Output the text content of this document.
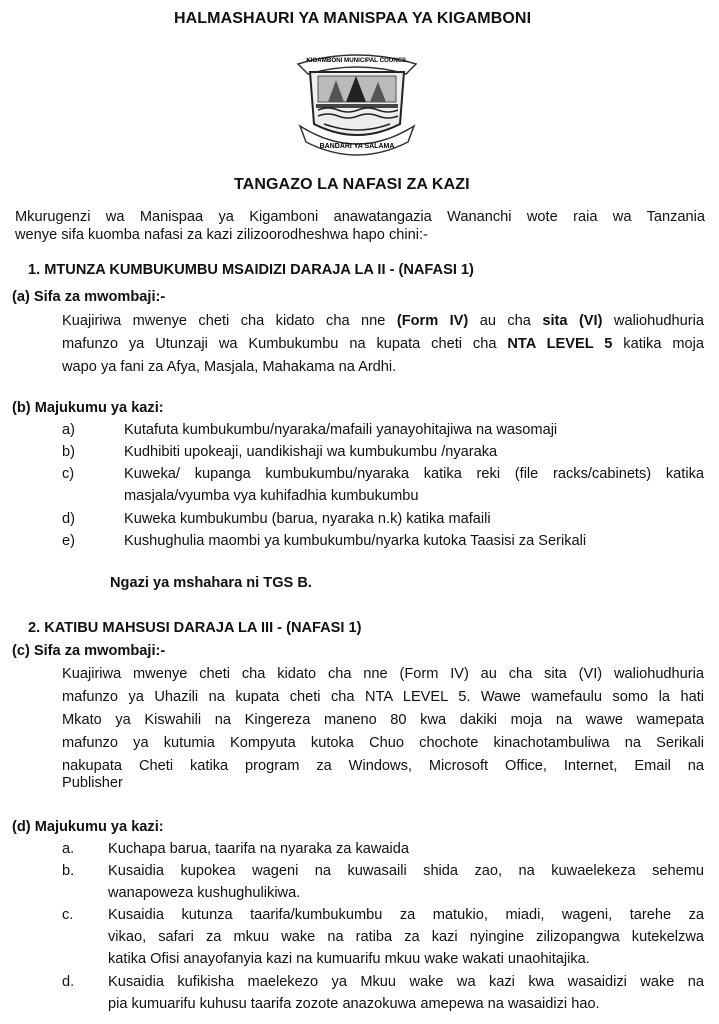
HALMASHAURI YA MANISPAA YA KIGAMBONI
KIGAMBONI MUNICIPAL COUNCIL
BANDARI YA SALAMA
TANGAZO LA NAFASI ZA KAZI
Mkurugenzi wa Manispaa ya Kigamboni anawatangazia Wananchi wote raia wa Tanzania
wenye sifa kuomba nafasi za kazi zilizoorodheshwa hapo chini:-
1. MTUNZA KUMBUKUMBU MSAIDIZI DARAJA LA II - (NAFASI 1)
(a) Sifa za mwombaji:-
Kuajiriwa mwenye cheti cha kidato cha nne (Form IV) au cha sita (VI) waliohudhuria
mafunzo ya Utunzaji wa Kumbukumbu na kupata cheti cha NTA LEVEL 5 katika moja
wapo ya fani za Afya, Masjala, Mahakama na Ardhi.
(b) Majukumu ya kazi:
a)	Kutafuta kumbukumbu/nyaraka/mafaili yanayohitajiwa na wasomaji
b)	Kudhibiti upokeaji, uandikishaji wa kumbukumbu /nyaraka
c)	Kuweka/ kupanga kumbukumbu/nyaraka katika reki (file racks/cabinets) katika
masjala/vyumba vya kuhifadhia kumbukumbu
d)	Kuweka kumbukumbu (barua, nyaraka n.k) katika mafaili
e)	Kushughulia maombi ya kumbukumbu/nyarka kutoka Taasisi za Serikali
Ngazi ya mshahara ni TGS B.
2. KATIBU MAHSUSI DARAJA LA III - (NAFASI 1)
(c) Sifa za mwombaji:-
Kuajiriwa mwenye cheti cha kidato cha nne (Form IV) au cha sita (VI) waliohudhuria
mafunzo ya Uhazili na kupata cheti cha NTA LEVEL 5. Wawe wamefaulu somo la hati
Mkato ya Kiswahili na Kingereza maneno 80 kwa dakiki moja na wawe wamepata
mafunzo ya kutumia Kompyuta kutoka Chuo chochote kinachotambuliwa na Serikali
nakupata Cheti katika program za Windows, Microsoft Office, Internet, Email na
Publisher
(d) Majukumu ya kazi:
a. Kuchapa barua, taarifa na nyaraka za kawaida
b. Kusaidia kupokea wageni na kuwasaili shida zao, na kuwaelekeza sehemu
wanapoweza kushughulikiwa.
c. Kusaidia kutunza taarifa/kumbukumbu za matukio, miadi, wageni, tarehe za
vikao, safari za mkuu wake na ratiba za kazi nyingine zilizopangwa kutekelzwa
katika Ofisi anayofanyia kazi na kumuarifu mkuu wake wakati unaohitajika.
d. Kusaidia kufikisha maelekezo ya Mkuu wake wa kazi kwa wasaidizi wake na
pia kumuarifu kuhusu taarifa zozote anazokuwa amepewa na wasaidizi hao.
